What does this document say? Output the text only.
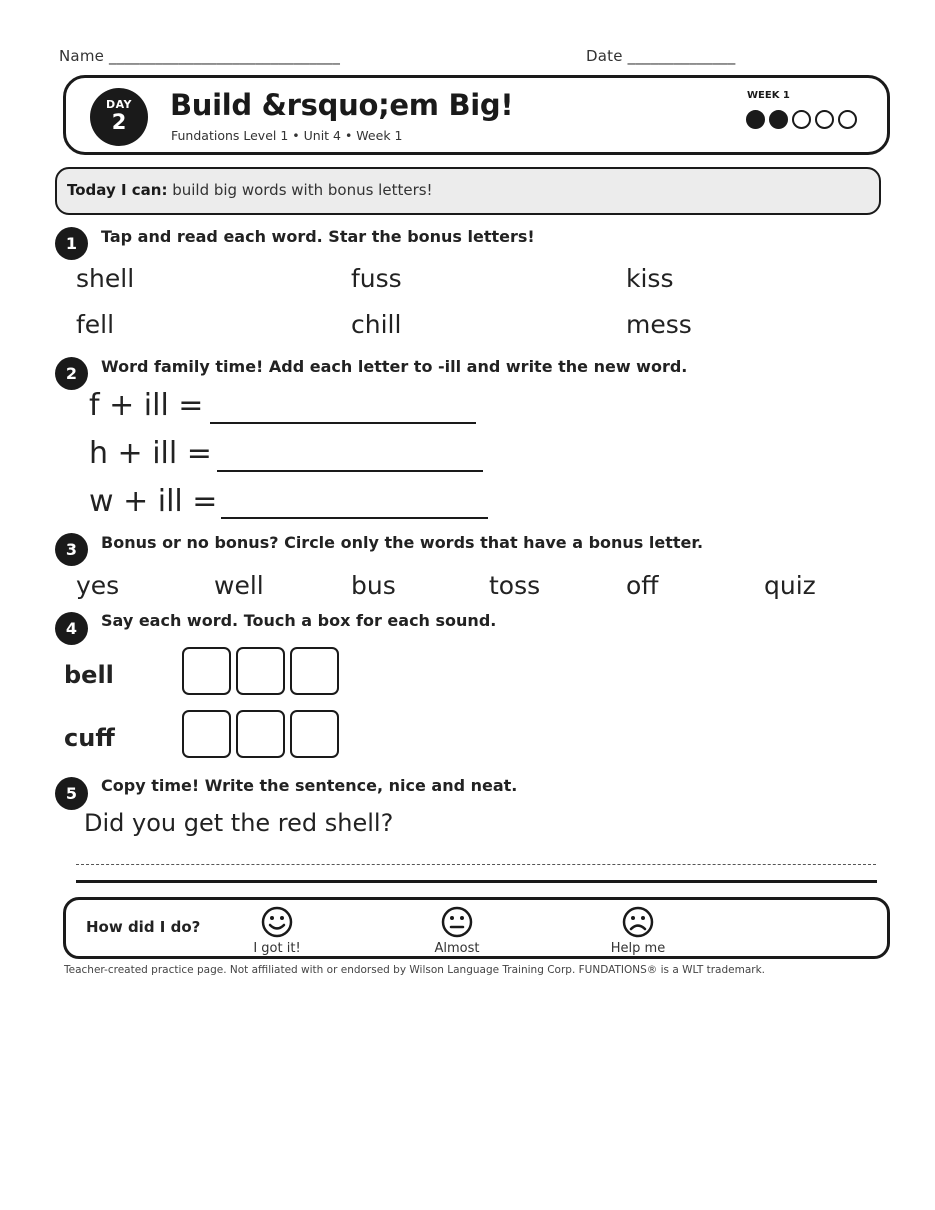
Name ______________________________	Date ______________
DAY
2	Build &rsquo;em Big!
Fundations Level 1 • Unit 4 • Week 1
WEEK 1
Today I can: build big words with bonus letters!
1	Tap and read each word. Star the bonus letters!
shell	fuss	kiss
fell	chill	mess
2	Word family time! Add each letter to -ill and write the new word.
f + ill =
h + ill =
w + ill =
3	Bonus or no bonus? Circle only the words that have a bonus letter.
yes	well	bus	toss	off	quiz
4	Say each word. Touch a box for each sound.
bell
cuff
5	Copy time! Write the sentence, nice and neat.
Did you get the red shell?
How did I do?
I got it!	Almost	Help me
Teacher-created practice page. Not affiliated with or endorsed by Wilson Language Training Corp. FUNDATIONS® is a WLT trademark.
